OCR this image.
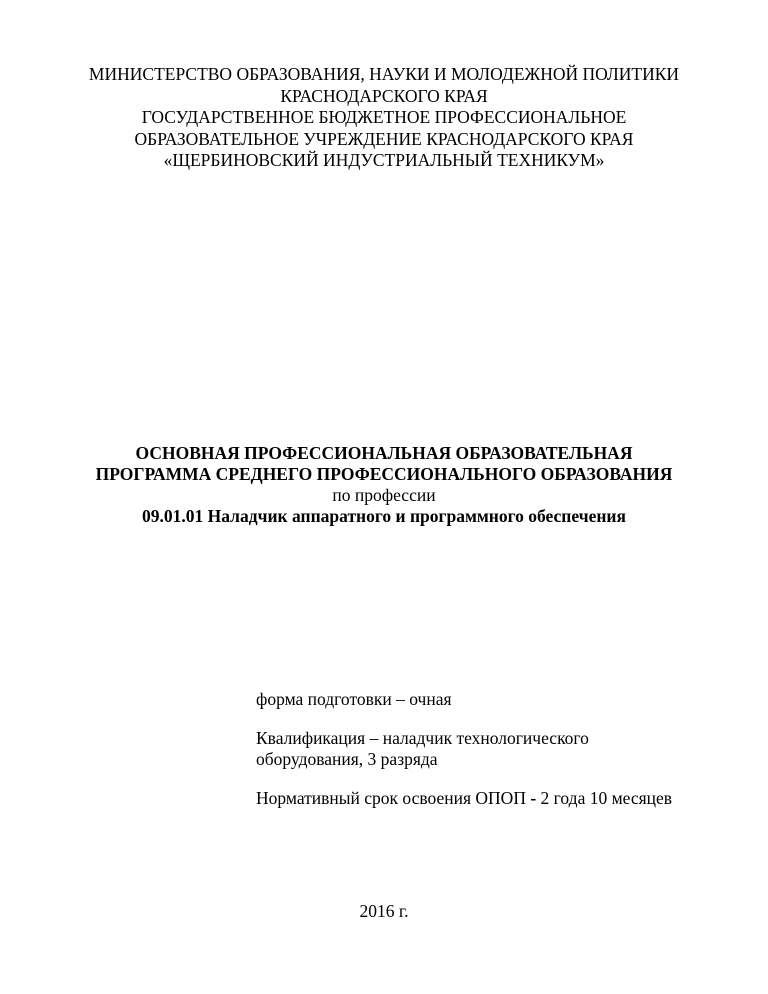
МИНИСТЕРСТВО ОБРАЗОВАНИЯ, НАУКИ И МОЛОДЕЖНОЙ ПОЛИТИКИ
КРАСНОДАРСКОГО КРАЯ
ГОСУДАРСТВЕННОЕ БЮДЖЕТНОЕ ПРОФЕССИОНАЛЬНОЕ
ОБРАЗОВАТЕЛЬНОЕ УЧРЕЖДЕНИЕ КРАСНОДАРСКОГО КРАЯ
«ЩЕРБИНОВСКИЙ ИНДУСТРИАЛЬНЫЙ ТЕХНИКУМ»
ОСНОВНАЯ ПРОФЕССИОНАЛЬНАЯ ОБРАЗОВАТЕЛЬНАЯ
ПРОГРАММА СРЕДНЕГО ПРОФЕССИОНАЛЬНОГО ОБРАЗОВАНИЯ
по профессии
09.01.01 Наладчик аппаратного и программного обеспечения

форма подготовки – очная

Квалификация – наладчик технологического
оборудования, 3 разряда

Нормативный срок освоения ОПОП - 2 года 10 месяцев

2016 г.
